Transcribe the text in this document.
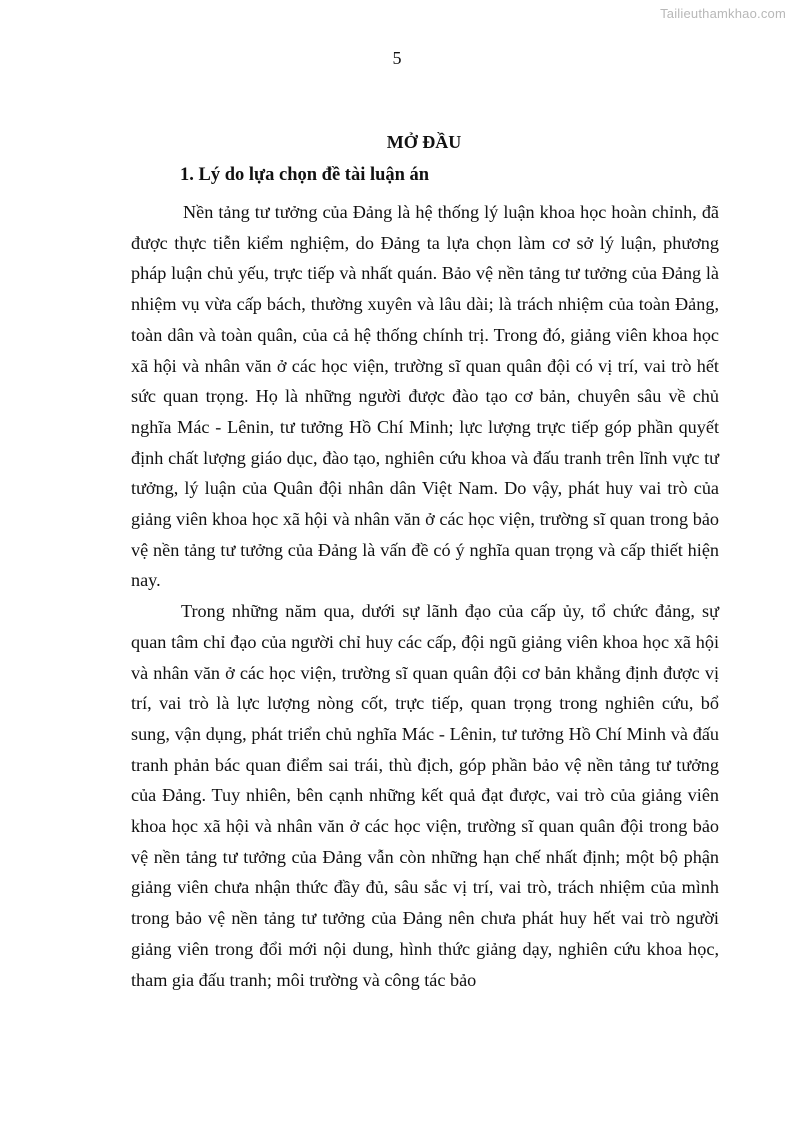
Tailieuthamkhao.com
5
MỞ ĐẦU
1. Lý do lựa chọn đề tài luận án

Nền tảng tư tưởng của Đảng là hệ thống lý luận khoa học hoàn chỉnh, đã được thực tiễn kiểm nghiệm, do Đảng ta lựa chọn làm cơ sở lý luận, phương pháp luận chủ yếu, trực tiếp và nhất quán. Bảo vệ nền tảng tư tưởng của Đảng là nhiệm vụ vừa cấp bách, thường xuyên và lâu dài; là trách nhiệm của toàn Đảng, toàn dân và toàn quân, của cả hệ thống chính trị. Trong đó, giảng viên khoa học xã hội và nhân văn ở các học viện, trường sĩ quan quân đội có vị trí, vai trò hết sức quan trọng. Họ là những người được đào tạo cơ bản, chuyên sâu về chủ nghĩa Mác - Lênin, tư tưởng Hồ Chí Minh; lực lượng trực tiếp góp phần quyết định chất lượng giáo dục, đào tạo, nghiên cứu khoa và đấu tranh trên lĩnh vực tư tưởng, lý luận của Quân đội nhân dân Việt Nam. Do vậy, phát huy vai trò của giảng viên khoa học xã hội và nhân văn ở các học viện, trường sĩ quan trong bảo vệ nền tảng tư tưởng của Đảng là vấn đề có ý nghĩa quan trọng và cấp thiết hiện nay.

Trong những năm qua, dưới sự lãnh đạo của cấp ủy, tổ chức đảng, sự quan tâm chỉ đạo của người chỉ huy các cấp, đội ngũ giảng viên khoa học xã hội và nhân văn ở các học viện, trường sĩ quan quân đội cơ bản khẳng định được vị trí, vai trò là lực lượng nòng cốt, trực tiếp, quan trọng trong nghiên cứu, bổ sung, vận dụng, phát triển chủ nghĩa Mác - Lênin, tư tưởng Hồ Chí Minh và đấu tranh phản bác quan điểm sai trái, thù địch, góp phần bảo vệ nền tảng tư tưởng của Đảng. Tuy nhiên, bên cạnh những kết quả đạt được, vai trò của giảng viên khoa học xã hội và nhân văn ở các học viện, trường sĩ quan quân đội trong bảo vệ nền tảng tư tưởng của Đảng vẫn còn những hạn chế nhất định; một bộ phận giảng viên chưa nhận thức đầy đủ, sâu sắc vị trí, vai trò, trách nhiệm của mình trong bảo vệ nền tảng tư tưởng của Đảng nên chưa phát huy hết vai trò người giảng viên trong đổi mới nội dung, hình thức giảng dạy, nghiên cứu khoa học, tham gia đấu tranh; môi trường và công tác bảo
